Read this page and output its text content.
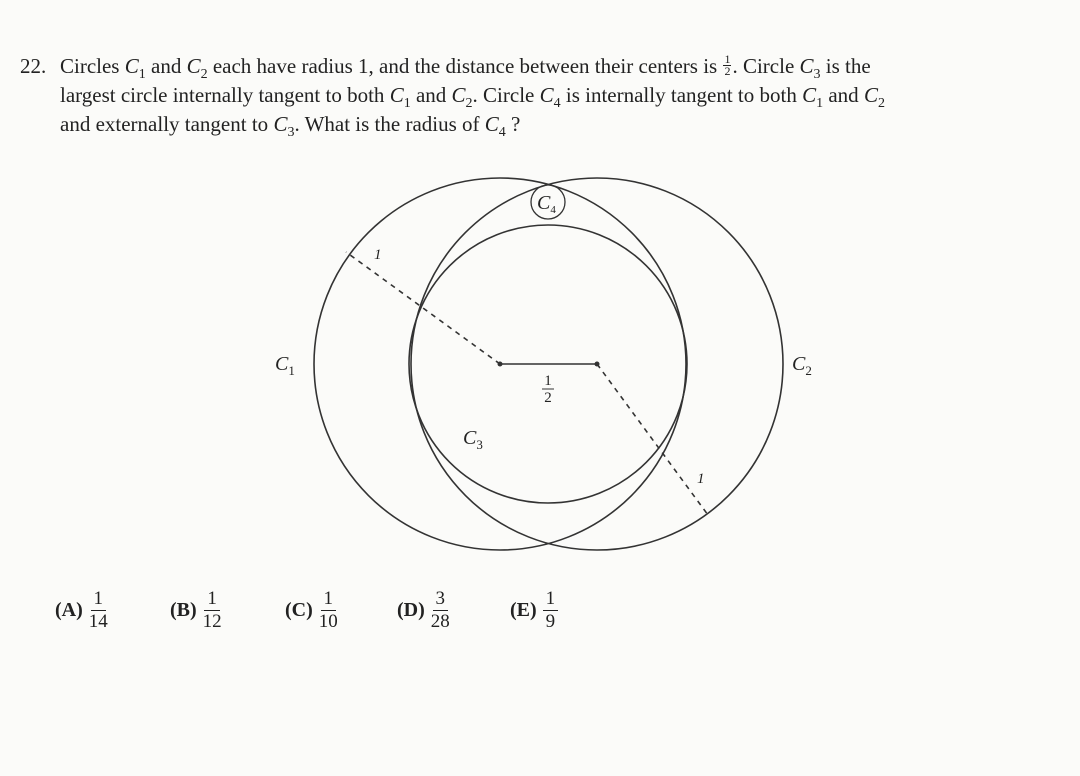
22. Circles $C_1$ and $C_2$ each have radius 1, and the distance between their centers is $\frac{1}{2}$ . Circle $C_3$ is the
largest circle internally tangent to both $C_1$ and $C_2$. Circle $C_4$ is internally tangent to both $C_1$ and $C_2$
and externally tangent to $C_3$. What is the radius of $C_4$ ?
$C_1$	$C_2$
$C_3$
$C_4$
1
1
1
2
$(A) \frac{1}{14}$	$(B) \frac{1}{12}$	$(C) \frac{1}{10}$	$(D) \frac{3}{28}$	$(E) \frac{1}{9}$
